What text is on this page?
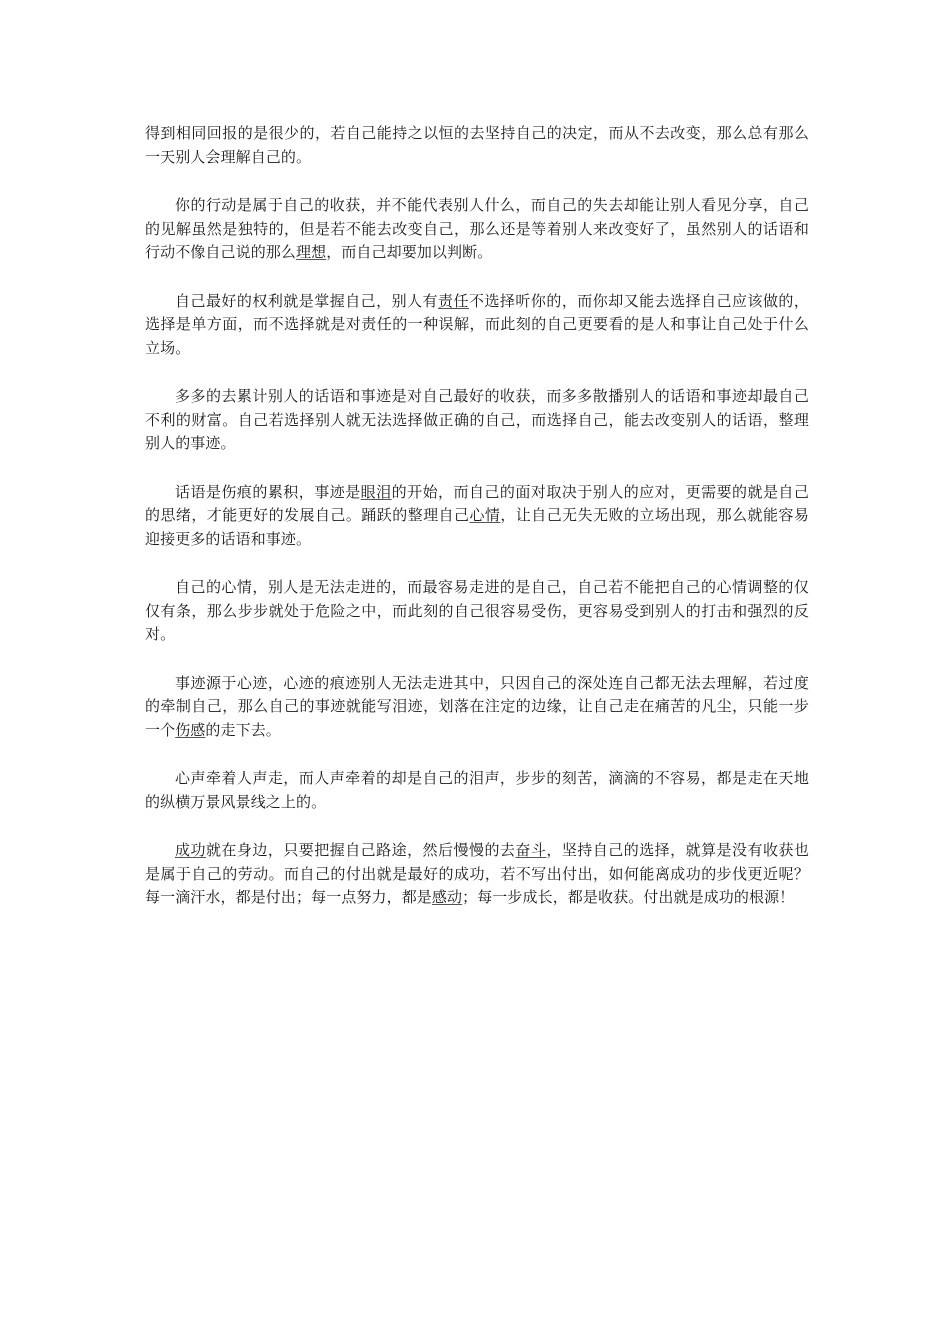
得到相同回报的是很少的，若自己能持之以恒的去坚持自己的决定，而从不去改变，那么总有那么一天别人会理解自己的。

你的行动是属于自己的收获，并不能代表别人什么，而自己的失去却能让别人看见分享，自己的见解虽然是独特的，但是若不能去改变自己，那么还是等着别人来改变好了，虽然别人的话语和行动不像自己说的那么理想，而自己却要加以判断。

自己最好的权利就是掌握自己，别人有责任不选择听你的，而你却又能去选择自己应该做的，选择是单方面，而不选择就是对责任的一种误解，而此刻的自己更要看的是人和事让自己处于什么立场。

多多的去累计别人的话语和事迹是对自己最好的收获，而多多散播别人的话语和事迹却最自己不利的财富。自己若选择别人就无法选择做正确的自己，而选择自己，能去改变别人的话语，整理别人的事迹。

话语是伤痕的累积，事迹是眼泪的开始，而自己的面对取决于别人的应对，更需要的就是自己的思绪，才能更好的发展自己。踊跃的整理自己心情，让自己无失无败的立场出现，那么就能容易迎接更多的话语和事迹。

自己的心情，别人是无法走进的，而最容易走进的是自己，自己若不能把自己的心情调整的仅仅有条，那么步步就处于危险之中，而此刻的自己很容易受伤，更容易受到别人的打击和强烈的反对。

事迹源于心迹，心迹的痕迹别人无法走进其中，只因自己的深处连自己都无法去理解，若过度的牵制自己，那么自己的事迹就能写泪迹，划落在注定的边缘，让自己走在痛苦的凡尘，只能一步一个伤感的走下去。

心声牵着人声走，而人声牵着的却是自己的泪声，步步的刻苦，滴滴的不容易，都是走在天地的纵横万景风景线之上的。

成功就在身边，只要把握自己路途，然后慢慢的去奋斗，坚持自己的选择，就算是没有收获也是属于自己的劳动。而自己的付出就是最好的成功，若不写出付出，如何能离成功的步伐更近呢？每一滴汗水，都是付出；每一点努力，都是感动；每一步成长，都是收获。付出就是成功的根源！
